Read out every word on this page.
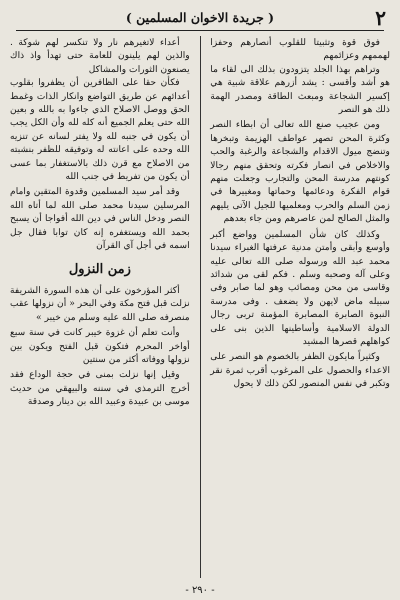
٢
( جريدة الاخوان المسلمين )

فوق قوة وتثبيتا للقلوب أنصارهم وحفزا لهممهم وعزائمهم

وتراهم بهذا الجلد يتزودون بذلك الى لقاء ما هو أشد وأقسى : يشد أزرهم علاقة شبية هي إكسير الشجاعة ومبعث الطاقة ومصدر الهمة ذلك هو النصر

ومن عجيب صنع الله تعالى أن ابطاء النصر وكثرة المحن تصهر عواطف الهزيمة وتبخرها وتنضج ميول الاقدام والشجاعة والرغبة والحب والاخلاص في انصار فكرته وتحقق منهم رجالا كونتهم مدرسة المحن والتجارب وجعلت منهم قوام الفكرة ودعائمها وحماتها ومغييرها في زمن السلم والحرب ومعلميها للجيل الآتى يليهم والمثل الصالح لمن عاصرهم ومن جاء بعدهم

وكذلك كان شأن المسلمين وواضع أكبر وأوسع وأبقى وأمتن مدنية عرفتها الغبراء سيدنا محمد عبد الله ورسوله صلى الله تعالى عليه وعلى آله وصحبه وسلم . فكم لقى من شدائد وقاسى من محن ومصائب وهو لما صابر وفى سبيله ماض لايهن ولا يضعف . وفى مدرسة النبوة الصابرة المصابرة المؤمنة تربى رجال الدولة الاسلامية وأساطينها الذين بنى على كواهلهم قصرها المشيد

وكثيراً مايكون الظفر بالخصوم هو النصر على الاعداء والحصول على المرغوب أقرب ثمرة نقر وتكبر في نفس المنصور لكن ذلك لا يحول

أعداء لاتغيرهم نار ولا تنكسر لهم شوكة . والذين لهم يلينون للعامة حتى تهدأ واذ ذاك يصنعون الثورات والمشاكل

فكأن حقا على الظافرين أن يظفروا بقلوب أعدائهم عن طريق التواضع وانكار الذات وغمط الحق ووصل الاصلاح الذي جاءوا به بالله و بعين الله حتى يعلم الجميع أنه كله لله وأن الكل يجب أن يكون في جنبه لله ولا يفتر لسانه عن تنزيه الله وحده على اعانته له وتوفيقه للظفر بنشبته من الاصلاح مع قرن ذلك بالاستغفار بما عسى أن يكون من تفريط في جنب الله

وقد أمر سيد المسلمين وقدوة المتقين وامام المرسلين سيدنا محمد صلى الله لما أتاه الله النصر ودخل الناس في دين الله أفواجا أن يسبح بحمد الله ويستغفره إنه كان توابا فقال جل اسمه في أجل آي القرآن

زمن النزول

أكثر المؤرخون على أن هذه السورة الشريفة نزلت قبل فتح مكة وفي البحر « أن نزولها عقب منصرفه صلى الله عليه وسلم من خيبر »

وأنت تعلم أن غزوة خيبر كانت في سنة سبع أواخر المحرم فتكون قبل الفتح ويكون بين نزولها ووفاته أكثر من سنتين

وقيل إنها نزلت بمنى في حجة الوداع فقد أخرج الترمذي في سننه والبيهقي من حديث موسى بن عبيدة وعبيد الله بن دينار وصدقة

- ٢٩٠ -
